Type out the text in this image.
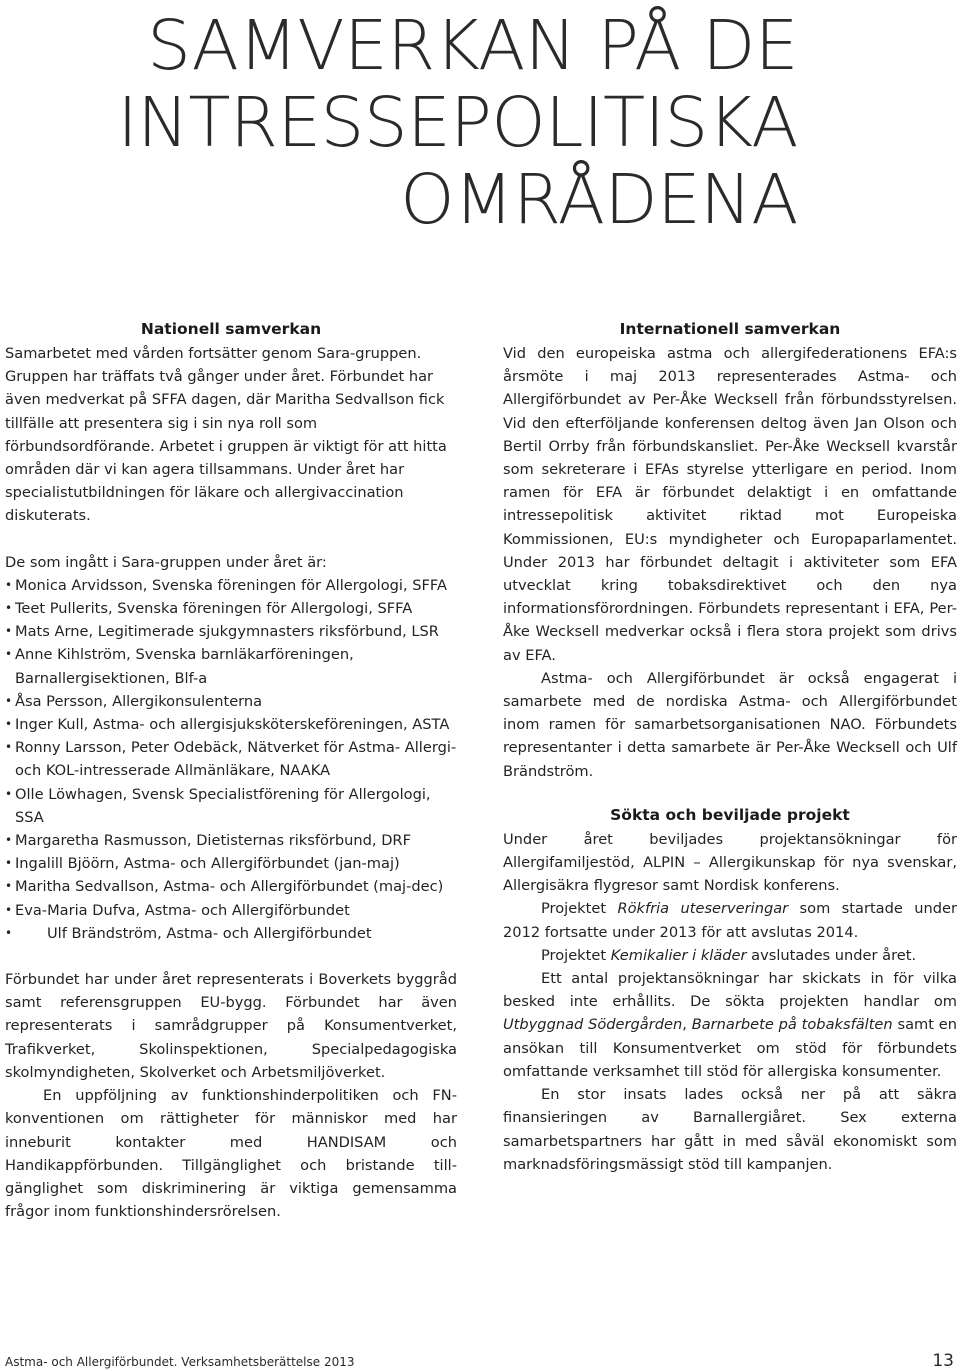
SAMVERKAN PÅ DE
INTRESSEPOLITISKA
OMRÅDENA
Nationell samverkan

Samarbetet med vården fortsätter genom Sara-gruppen. Gruppen har träffats två gånger under året. Förbundet har även medverkat på SFFA dagen, där Maritha Sedvallson fick tillfälle att presentera sig i sin nya roll som förbundsordförande. Arbetet i gruppen är viktigt för att hitta områden där vi kan agera tillsammans. Under året har specialistutbildningen för läkare och allergivaccination diskuterats.

De som ingått i Sara-gruppen under året är:

• Monica Arvidsson, Svenska föreningen för Allergologi, SFFA
• Teet Pullerits, Svenska föreningen för Allergologi, SFFA
• Mats Arne, Legitimerade sjukgymnasters riksförbund, LSR
• Anne Kihlström, Svenska barnläkarföreningen, Barnallergisektionen, Blf-a
• Åsa Persson, Allergikonsulenterna
• Inger Kull, Astma- och allergisjuksköterskeföreningen, ASTA
• Ronny Larsson, Peter Odebäck, Nätverket för Astma- Allergi- och KOL-intresserade Allmänläkare, NAAKA
• Olle Löwhagen, Svensk Specialistförening för Allergologi, SSA
• Margaretha Rasmusson, Dietisternas riksförbund, DRF
• Ingalill Bjöörn, Astma- och Allergiförbundet (jan-maj)
• Maritha Sedvallson, Astma- och Allergiförbundet (maj-dec)
• Eva-Maria Dufva, Astma- och Allergiförbundet
• Ulf Brändström, Astma- och Allergiförbundet

Förbundet har under året representerats i Boverkets byggråd samt referensgruppen EU-bygg. Förbundet har även representerats i samrådgrupper på Konsumentverket, Trafikverket, Skolinspektionen, Specialpedagogiska skolmyndigheten, Skolverket och Arbetsmiljöverket.

En uppföljning av funktionshinderpolitiken och FN-konventionen om rättigheter för människor med har inneburit kontakter med HANDISAM och Handikappförbunden. Tillgänglighet och bristande till-gänglighet som diskriminering är viktiga gemensamma frågor inom funktionshindersrörelsen.

Internationell samverkan

Vid den europeiska astma och allergifederationens EFA:s årsmöte i maj 2013 representerades Astma- och Allergiförbundet av Per-Åke Wecksell från förbundsstyrelsen. Vid den efterföljande konferensen deltog även Jan Olson och Bertil Orrby från förbundskansliet. Per-Åke Wecksell kvarstår som sekreterare i EFAs styrelse ytterligare en period. Inom ramen för EFA är förbundet delaktigt i en omfattande intressepolitisk aktivitet riktad mot Europeiska Kommissionen, EU:s myndigheter och Europaparlamentet. Under 2013 har förbundet deltagit i aktiviteter som EFA utvecklat kring tobaksdirektivet och den nya informationsförordningen. Förbundets representant i EFA, Per-Åke Wecksell medverkar också i flera stora projekt som drivs av EFA.

Astma- och Allergiförbundet är också engagerat i samarbete med de nordiska Astma- och Allergiförbundet inom ramen för samarbetsorganisationen NAO. Förbundets representanter i detta samarbete är Per-Åke Wecksell och Ulf Brändström.

Sökta och beviljade projekt

Under året beviljades projektansökningar för Allergifamiljestöd, ALPIN – Allergikunskap för nya svenskar, Allergisäkra flygresor samt Nordisk konferens.

Projektet Rökfria uteserveringar som startade under 2012 fortsatte under 2013 för att avslutas 2014.

Projektet Kemikalier i kläder avslutades under året.

Ett antal projektansökningar har skickats in för vilka besked inte erhållits. De sökta projekten handlar om Utbyggnad Södergården, Barnarbete på tobaksfälten samt en ansökan till Konsumentverket om stöd för förbundets omfattande verksamhet till stöd för allergiska konsumenter.

En stor insats lades också ner på att säkra finansieringen av Barnallergiåret. Sex externa samarbetspartners har gått in med såväl ekonomiskt som marknadsföringsmässigt stöd till kampanjen.

Astma- och Allergiförbundet. Verksamhetsberättelse 2013	13
